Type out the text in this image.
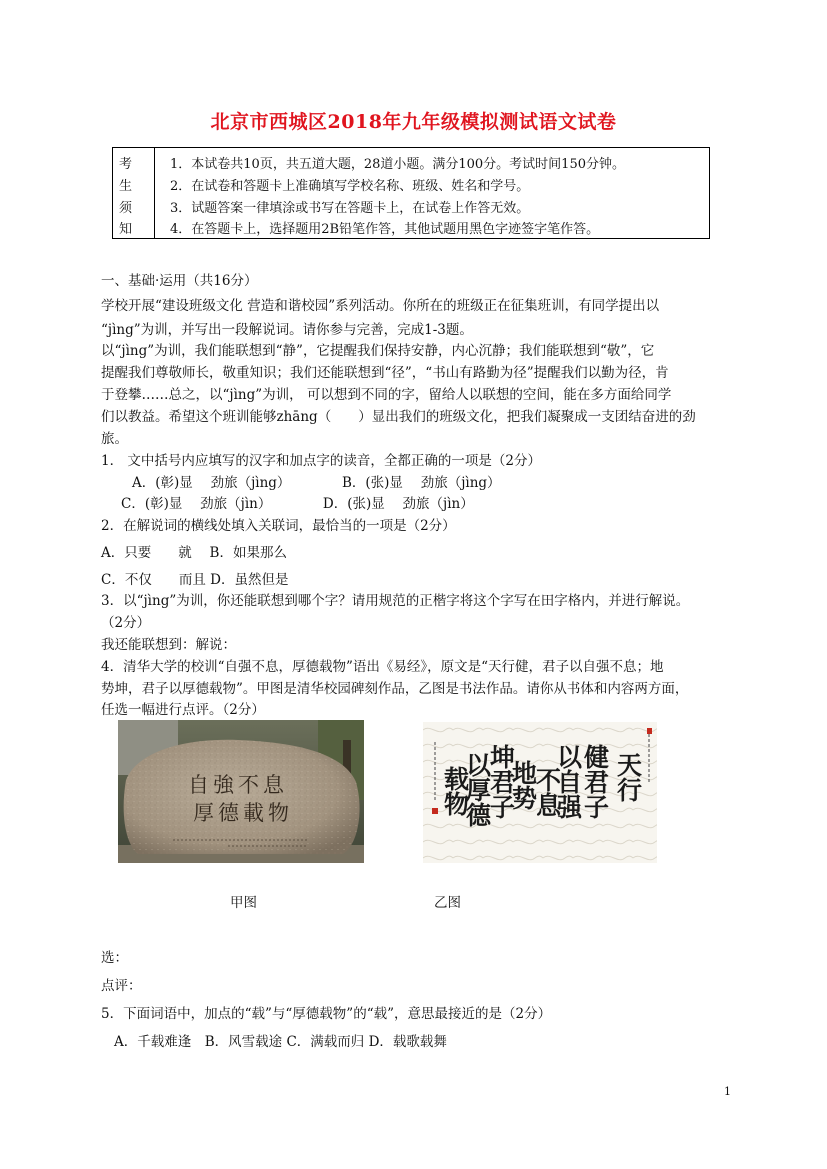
北京市西城区2018年九年级模拟测试语文试卷
考
生
须
知
1．本试卷共10页，共五道大题，28道小题。满分100分。考试时间150分钟。
2．在试卷和答题卡上准确填写学校名称、班级、姓名和学号。
3．试题答案一律填涂或书写在答题卡上，在试卷上作答无效。
4．在答题卡上，选择题用2B铅笔作答，其他试题用黑色字迹签字笔作答。
一、基础·运用（共16分）
学校开展“建设班级文化 营造和谐校园”系列活动。你所在的班级正在征集班训，有同学提出以
“jìng”为训，并写出一段解说词。请你参与完善，完成1-3题。
以“jìng”为训，我们能联想到“静”，它提醒我们保持安静，内心沉静；我们能联想到“敬”，它
提醒我们尊敬师长，敬重知识；我们还能联想到“径”，“书山有路勤为径”提醒我们以勤为径，肯
于登攀……总之，以“jìng”为训， 可以想到不同的字，留给人以联想的空间，能在多方面给同学
们以教益。希望这个班训能够zhāng（　　）显出我们的班级文化，把我们凝聚成一支团结奋进的劲
旅。
1． 文中括号内应填写的汉字和加点字的读音，全都正确的一项是（2分）
A．(彰)显　 劲旅（jìng）　　　　 B．(张)显　 劲旅（jìng）
C．(彰)显　 劲旅（jìn）　　　　 D．(张)显　 劲旅（jìn）
2．在解说词的横线处填入关联词，最恰当的一项是（2分）
A．只要　　就　 B．如果那么
C．不仅　　而且 D．虽然但是
3．以“jìng”为训，你还能联想到哪个字？请用规范的正楷字将这个字写在田字格内，并进行解说。
（2分）
我还能联想到：解说：
4．清华大学的校训“自强不息，厚德载物”语出《易经》，原文是“天行健，君子以自强不息；地
势坤，君子以厚德载物”。甲图是清华校园碑刻作品，乙图是书法作品。请你从书体和内容两方面，
任选一幅进行点评。（2分）
自強不息
厚德載物
天行
健君子
以自强
不息
地势
坤君子
以厚德
载物
甲图	乙图
选：
点评：
5．下面词语中，加点的“载”与“厚德载物”的“载”，意思最接近的是（2分）
A．千载难逢　B．风雪载途 C．满载而归 D．载歌载舞
1
